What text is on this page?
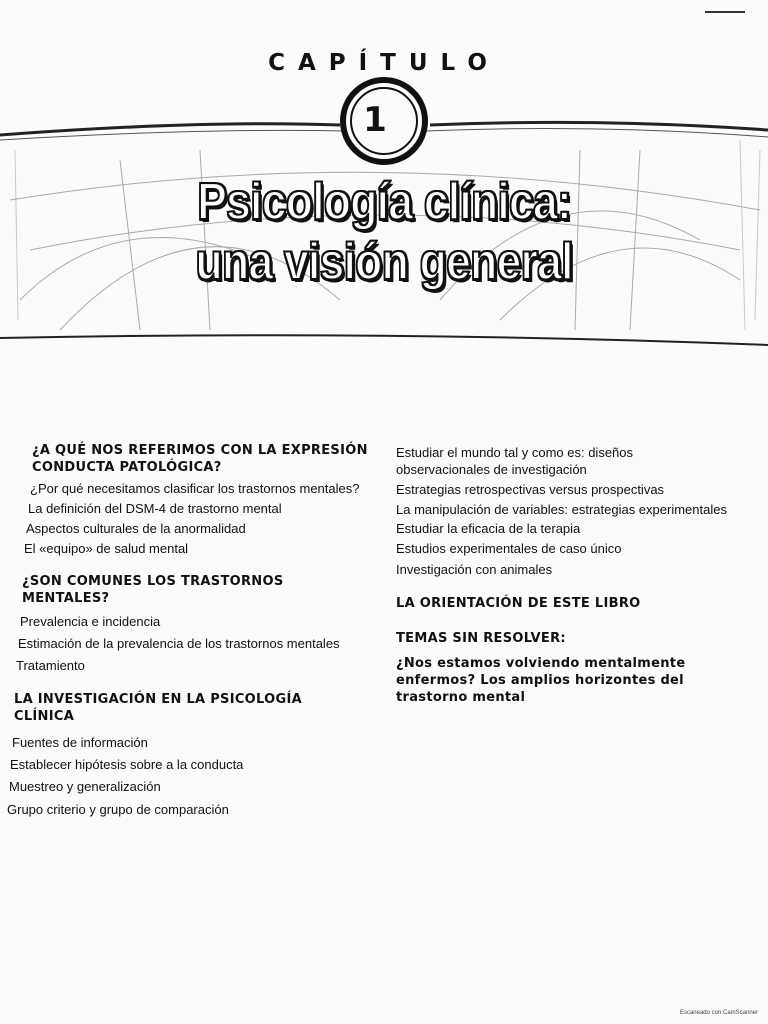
CAPÍTULO
1
Psicología clínica:
una visión general
¿A QUÉ NOS REFERIMOS CON LA EXPRESIÓN CONDUCTA PATOLÓGICA?
¿Por qué necesitamos clasificar los trastornos mentales?
La definición del DSM-4 de trastorno mental
Aspectos culturales de la anormalidad
El «equipo» de salud mental
¿SON COMUNES LOS TRASTORNOS MENTALES?
Prevalencia e incidencia
Estimación de la prevalencia de los trastornos mentales
Tratamiento
LA INVESTIGACIÓN EN LA PSICOLOGÍA CLÍNICA
Fuentes de información
Establecer hipótesis sobre a la conducta
Muestreo y generalización
Grupo criterio y grupo de comparación
Estudiar el mundo tal y como es: diseños observacionales de investigación
Estrategias retrospectivas versus prospectivas
La manipulación de variables: estrategias experimentales
Estudiar la eficacia de la terapia
Estudios experimentales de caso único
Investigación con animales
LA ORIENTACIÓN DE ESTE LIBRO
TEMAS SIN RESOLVER:
¿Nos estamos volviendo mentalmente enfermos? Los amplios horizontes del trastorno mental
Escaneado con CamScanner
